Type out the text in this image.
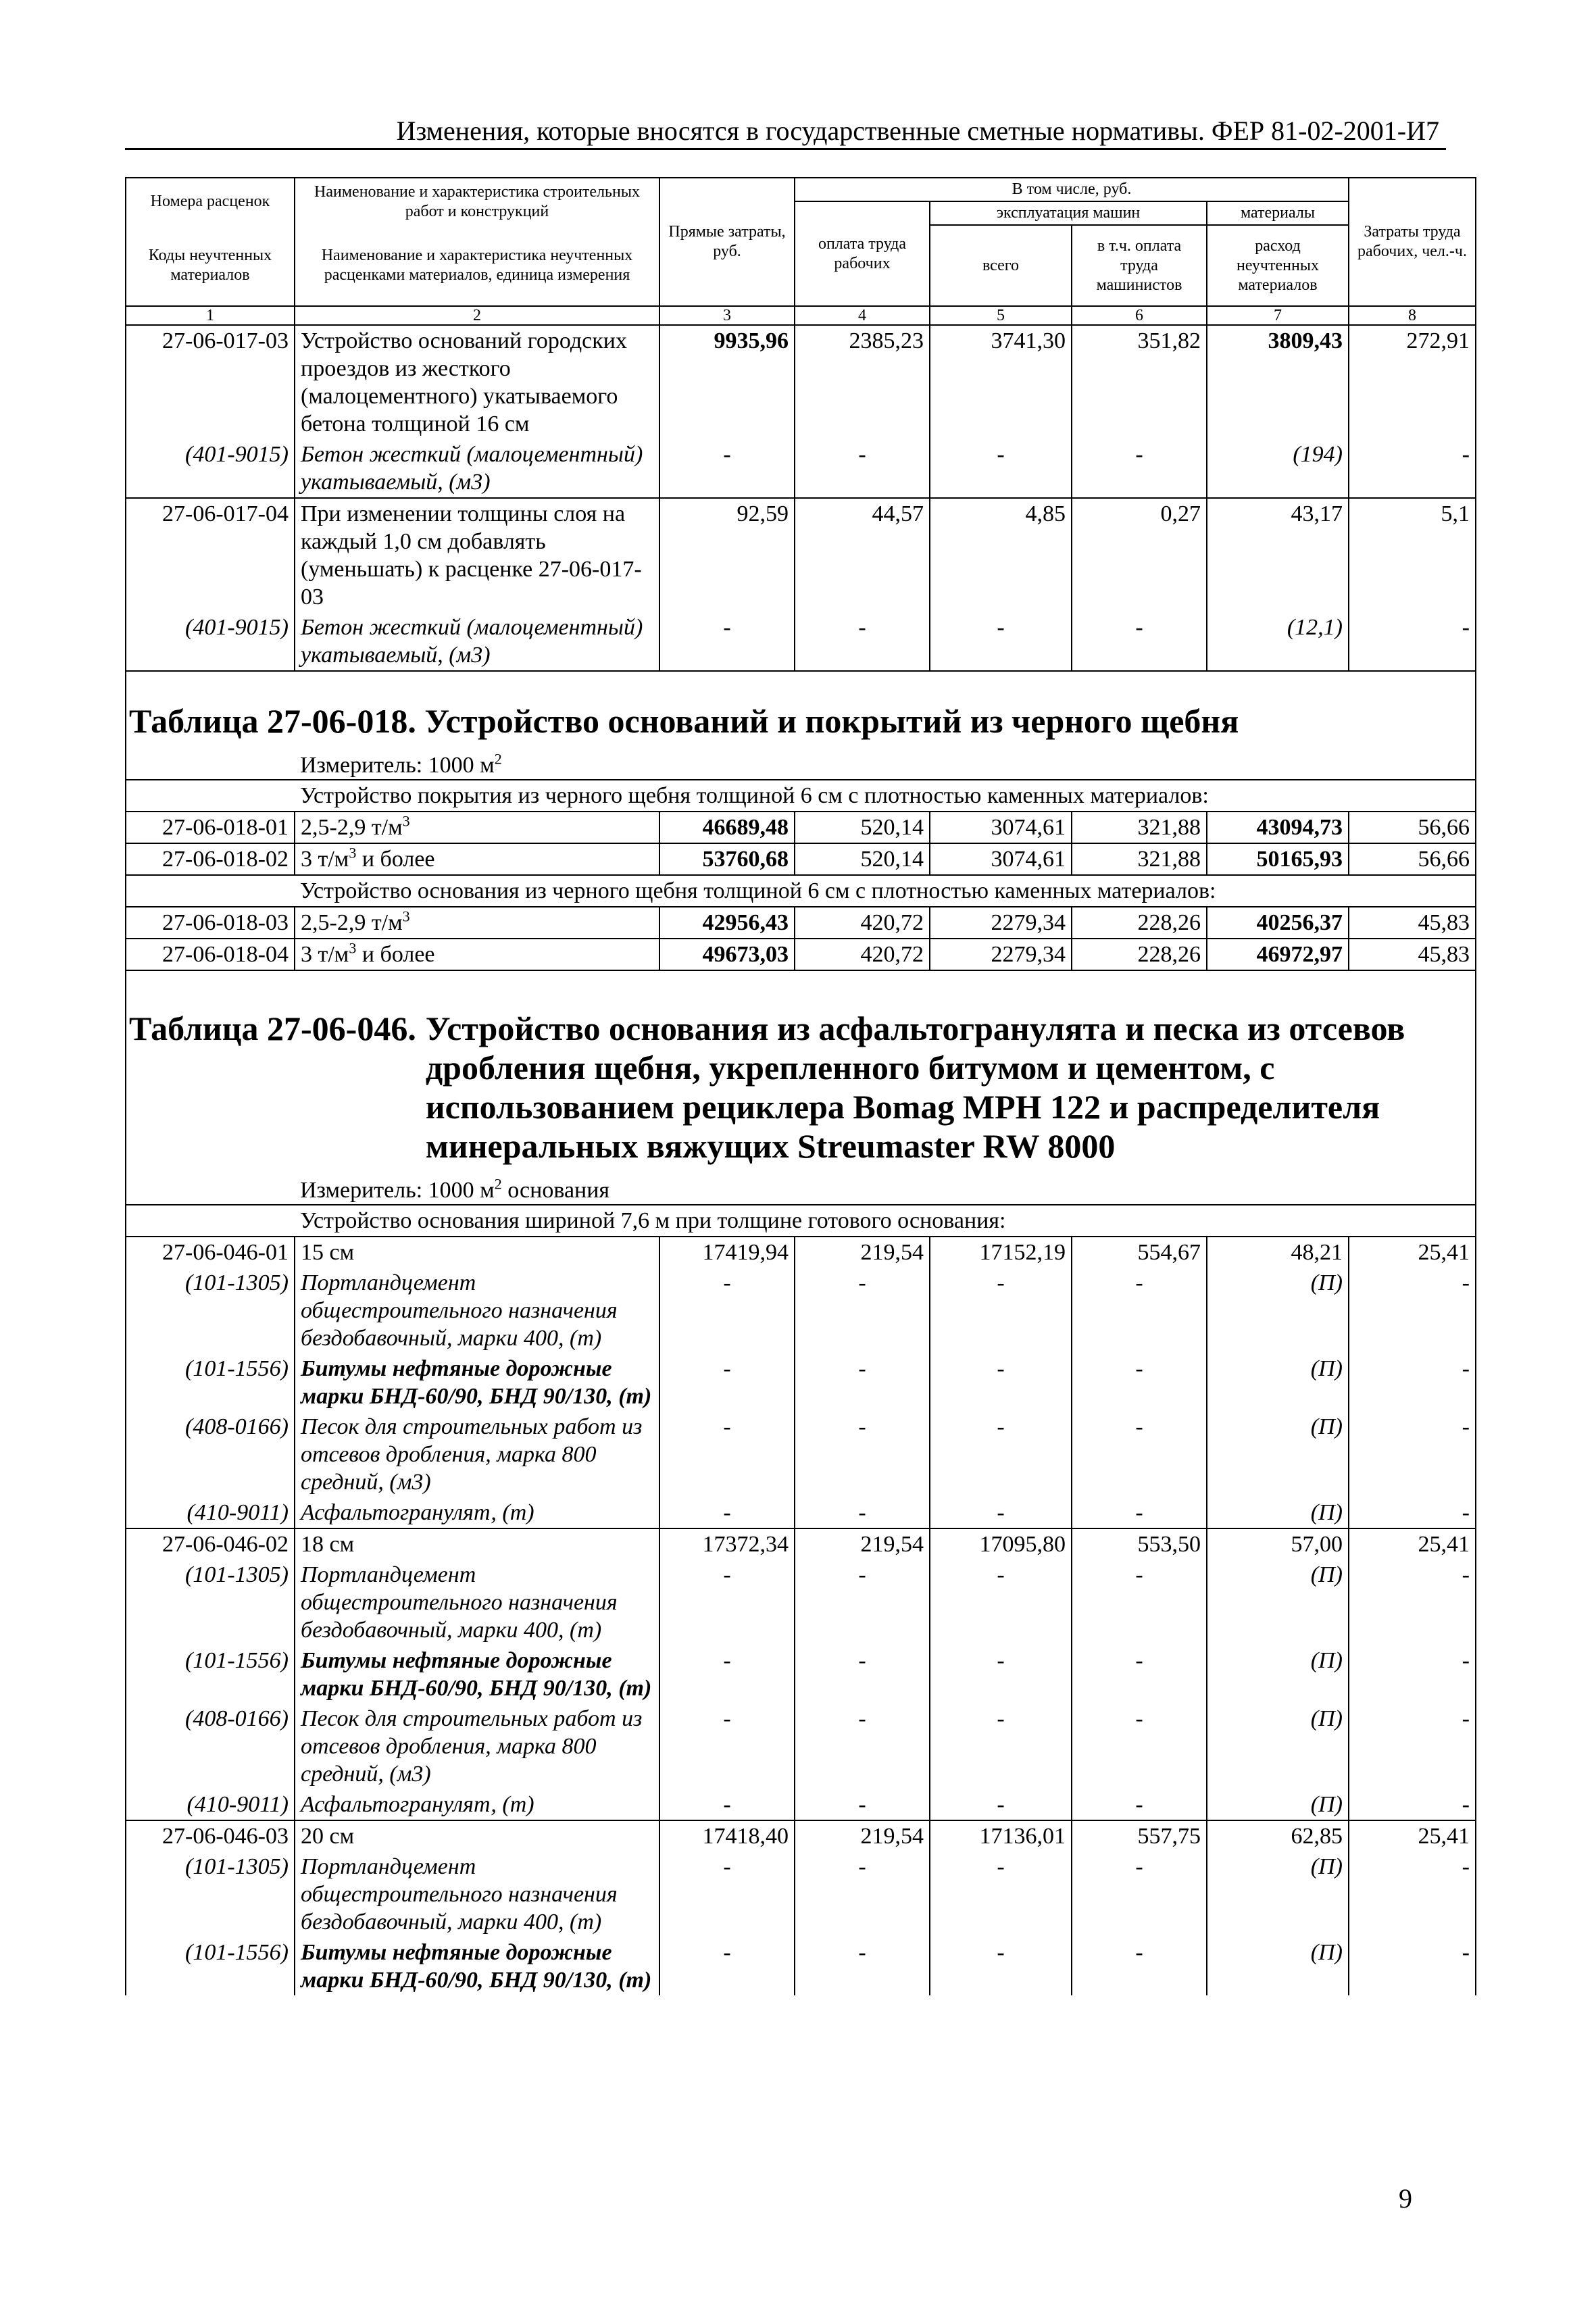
Изменения, которые вносятся в государственные сметные нормативы. ФЕР 81-02-2001-И7
Номера расценок	Наименование и характеристика строительных работ и конструкций	Прямые затраты, руб.	В том числе, руб.				Затраты труда рабочих, чел.-ч.
			оплата труда рабочих	эксплуатация машин		материалы	
Коды неучтенных материалов	Наименование и характеристика неучтенных расценками материалов, единица измерения			всего	в т.ч. оплата труда машинистов	расход неучтенных материалов	

1	2	3	4	5	6	7	8
27-06-017-03	Устройство оснований городских проездов из жесткого (малоцементного) укатываемого бетона толщиной 16 см	9935,96	2385,23	3741,30	351,82	3809,43	272,91
(401-9015)	Бетон жесткий (малоцементный) укатываемый, (м3)	-	-	-	-	(194)	-
27-06-017-04	При изменении толщины слоя на каждый 1,0 см добавлять (уменьшать) к расценке 27-06-017-03	92,59	44,57	4,85	0,27	43,17	5,1
(401-9015)	Бетон жесткий (малоцементный) укатываемый, (м3)	-	-	-	-	(12,1)	-

Таблица 27-06-018. Устройство оснований и покрытий из черного щебня							

	Измеритель: 1000 $м^2$
	Устройство покрытия из черного щебня толщиной 6 см с плотностью каменных материалов:						
27-06-018-01	2,5-2,9 $т/м^3$	46689,48	520,14	3074,61	321,88	43094,73	56,66
27-06-018-02	3 $т/м^3$ и более	53760,68	520,14	3074,61	321,88	50165,93	56,66
	Устройство основания из черного щебня толщиной 6 см с плотностью каменных материалов:						
27-06-018-03	2,5-2,9 $т/м^3$	42956,43	420,72	2279,34	228,26	40256,37	45,83
27-06-018-04	3 $т/м^3$ и более	49673,03	420,72	2279,34	228,26	46972,97	45,83

Таблица 27-06-046. Устройство основания из асфальтогранулята и песка из отсевов дробления щебня, укрепленного битумом и цементом, с использованием рециклера Bomag MPH 122 и распределителя минеральных вяжущих Streumaster RW 8000							

	Измеритель: 1000 $м^2$ основания						
	Устройство основания шириной 7,6 м при толщине готового основания:						
27-06-046-01	15 см	17419,94	219,54	17152,19	554,67	48,21	25,41
(101-1305)	Портландцемент общестроительного назначения бездобавочный, марки 400, (т)	-	-	-	-	(П)	-
(101-1556)	Битумы нефтяные дорожные марки БНД-60/90, БНД 90/130, (т)	-	-	-	-	(П)	-
(408-0166)	Песок для строительных работ из отсевов дробления, марка 800 средний, (м3)	-	-	-	-	(П)	-
(410-9011)	Асфальтогранулят, (т)	-	-	-	-	(П)	-
27-06-046-02	18 см	17372,34	219,54	17095,80	553,50	57,00	25,41
(101-1305)	Портландцемент общестроительного назначения бездобавочный, марки 400, (т)	-	-	-	-	(П)	-
(101-1556)	Битумы нефтяные дорожные марки БНД-60/90, БНД 90/130, (т)	-	-	-	-	(П)	-
(408-0166)	Песок для строительных работ из отсевов дробления, марка 800 средний, (м3)	-	-	-	-	(П)	-
(410-9011)	Асфальтогранулят, (т)	-	-	-	-	(П)	-
27-06-046-03	20 см	17418,40	219,54	17136,01	557,75	62,85	25,41
(101-1305)	Портландцемент общестроительного назначения бездобавочный, марки 400, (т)	-	-	-	-	(П)	-
(101-1556)	Битумы нефтяные дорожные марки БНД-60/90, БНД 90/130, (т)	-	-	-	-	(П)	-
9
